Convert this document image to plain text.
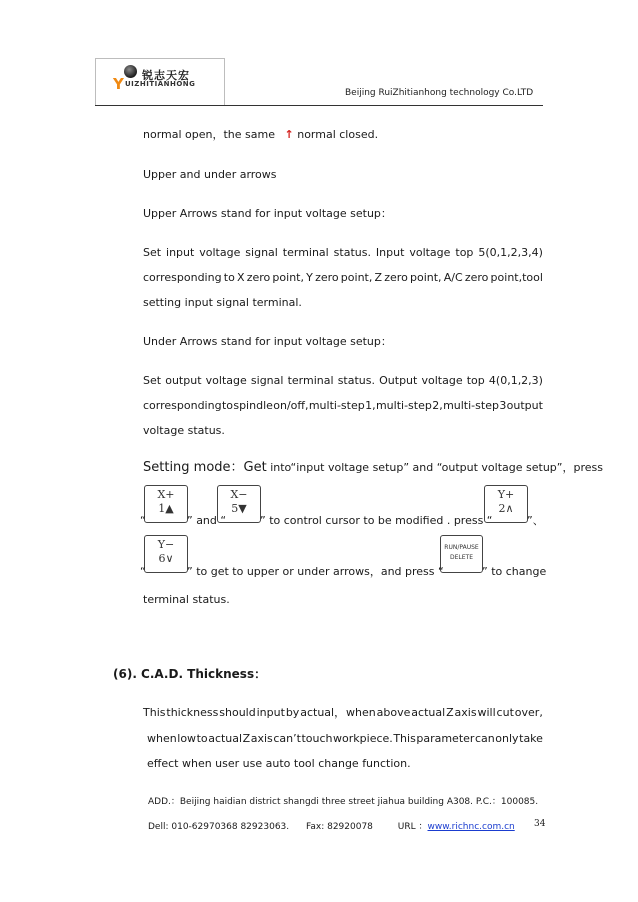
Y 锐志天宏
UIZHITIANHONG
Beijing RuiZhitianhong technology Co.LTD
normal open，the same ↑ normal closed.
Upper and under arrows
Upper Arrows stand for input voltage setup：
Set input voltage signal terminal status. Input voltage top 5(0,1,2,3,4)
corresponding to X zero point, Y zero point, Z zero point, A/C zero point,tool
setting input signal terminal.
Under Arrows stand for input voltage setup：
Set output voltage signal terminal status. Output voltage top 4(0,1,2,3)
corresponding to spindle on/off, multi-step 1, multi-step 2, multi-step 3 output
voltage status.
Setting mode：Get into“input voltage setup” and “output voltage setup”，press
X+
1▲
X−
5▼
Y+
2∧
“	” and “	” to control cursor to be modified . press “	”、
Y−
6∨
RUN/PAUSE
DELETE
“	” to get to upper or under arrows，and press “	” to change
terminal status.
(6). C.A.D. Thickness：
This thickness should input by actual， when above actual Z axis will cut over,
when low to actual Z axis can’t touch workpiece. This parameter can only take
effect when user use auto tool change function.
ADD.：Beijing haidian district shangdi three street jiahua building A308. P.C.：100085.
Dell: 010-62970368 82923063. Fax: 82920078	URL ：www.richnc.com.cn 34
